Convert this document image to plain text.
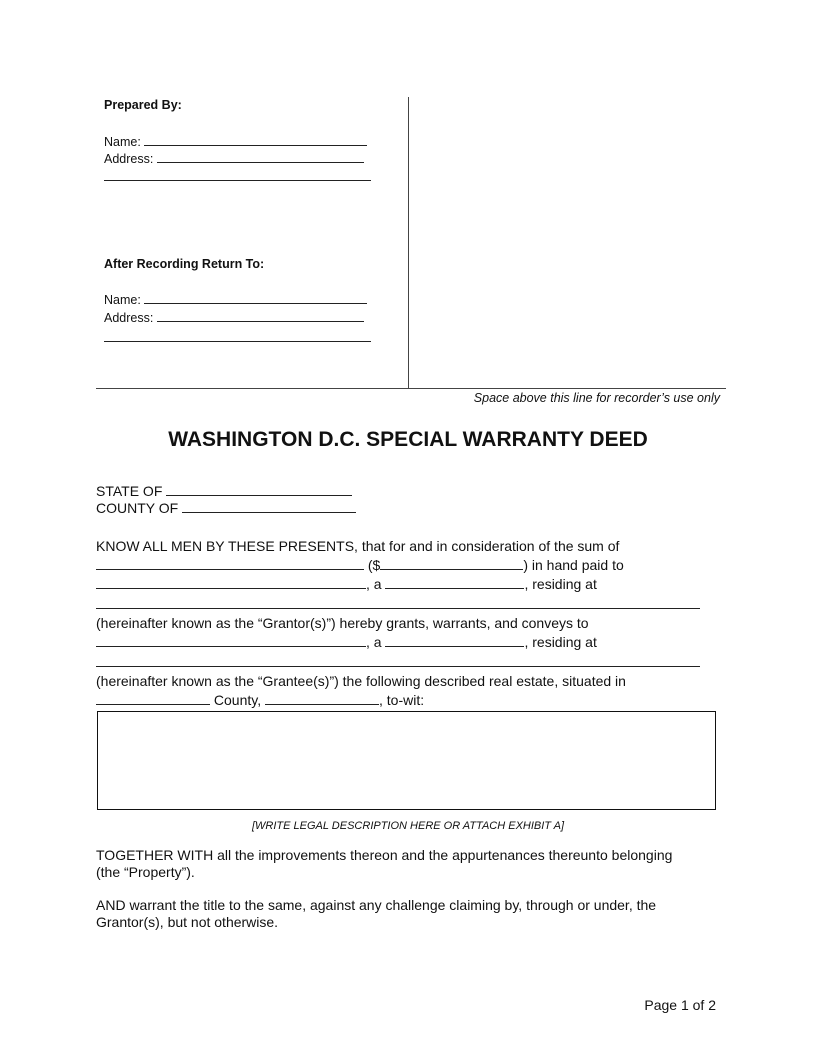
Prepared By:
Name:
Address:
After Recording Return To:
Name:
Address:
Space above this line for recorder’s use only
WASHINGTON D.C. SPECIAL WARRANTY DEED
STATE OF
COUNTY OF
KNOW ALL MEN BY THESE PRESENTS, that for and in consideration of the sum of
($	) in hand paid to
, a	, residing at
(hereinafter known as the “Grantor(s)”) hereby grants, warrants, and conveys to
, a	, residing at
(hereinafter known as the “Grantee(s)”) the following described real estate, situated in
County,	, to-wit:
[WRITE LEGAL DESCRIPTION HERE OR ATTACH EXHIBIT A]
TOGETHER WITH all the improvements thereon and the appurtenances thereunto belonging
(the “Property”).
AND warrant the title to the same, against any challenge claiming by, through or under, the
Grantor(s), but not otherwise.
Page 1 of 2
